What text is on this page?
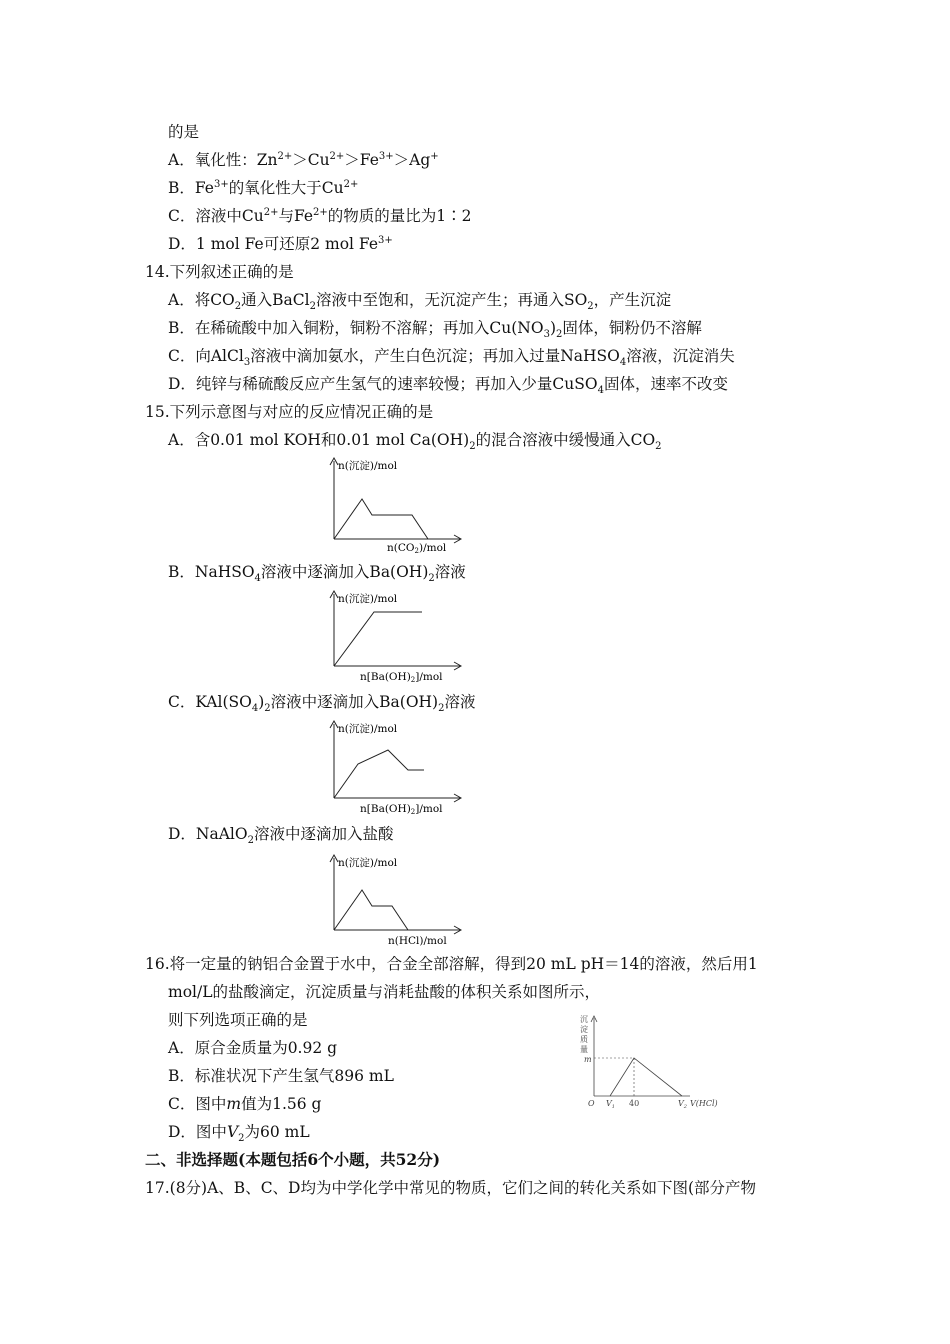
的是
A．氧化性：$Zn^{2+}>Cu^{2+}>Fe^{3+}>Ag^+$
B．$Fe^{3+}$的氧化性大于$Cu^{2+}$
C．溶液中$Cu^{2+}$与$Fe^{2+}$的物质的量比为1∶2
D．1 mol Fe可还原2 mol $Fe^{3+}$
14.下列叙述正确的是
A．将$CO_2$通入BaCl$_2$溶液中至饱和，无沉淀产生；再通入$SO_2$，产生沉淀
B．在稀硫酸中加入铜粉，铜粉不溶解；再加入$Cu(NO_3)_2$固体，铜粉仍不溶解
C．向AlCl$_3$溶液中滴加氨水，产生白色沉淀；再加入过量NaHSO$_4$溶液，沉淀消失
D．纯锌与稀硫酸反应产生氢气的速率较慢；再加入少量CuSO$_4$固体，速率不改变
15.下列示意图与对应的反应情况正确的是
A．含0.01 mol KOH和0.01 mol $Ca(OH)_2$的混合溶液中缓慢通入$CO_2$
n(沉淀)/mol
n(CO2)/mol
B．NaHSO$_4$溶液中逐滴加入$Ba(OH)_2$溶液
n(沉淀)/mol
n[Ba(OH)2]/mol
C．$KAl(SO_4)_2$溶液中逐滴加入$Ba(OH)_2$溶液
n(沉淀)/mol
n[Ba(OH)2]/mol
D．NaAlO$_2$溶液中逐滴加入盐酸
n(沉淀)/mol
n(HCl)/mol
16.将一定量的钠铝合金置于水中，合金全部溶解，得到20 mL pH＝14的溶液，然后用1
mol/L的盐酸滴定，沉淀质量与消耗盐酸的体积关系如图所示，
则下列选项正确的是
A．原合金质量为0.92 g
B．标准状况下产生氢气896 mL
C．图中m值为1.56 g
D．图中$V_2$为60 mL
沉
淀
质
量
m
O $V_1$ 40	$V_2$ V(HCl)
二、非选择题(本题包括6个小题，共52分)
17.(8分)A、B、C、D均为中学化学中常见的物质，它们之间的转化关系如下图(部分产物
